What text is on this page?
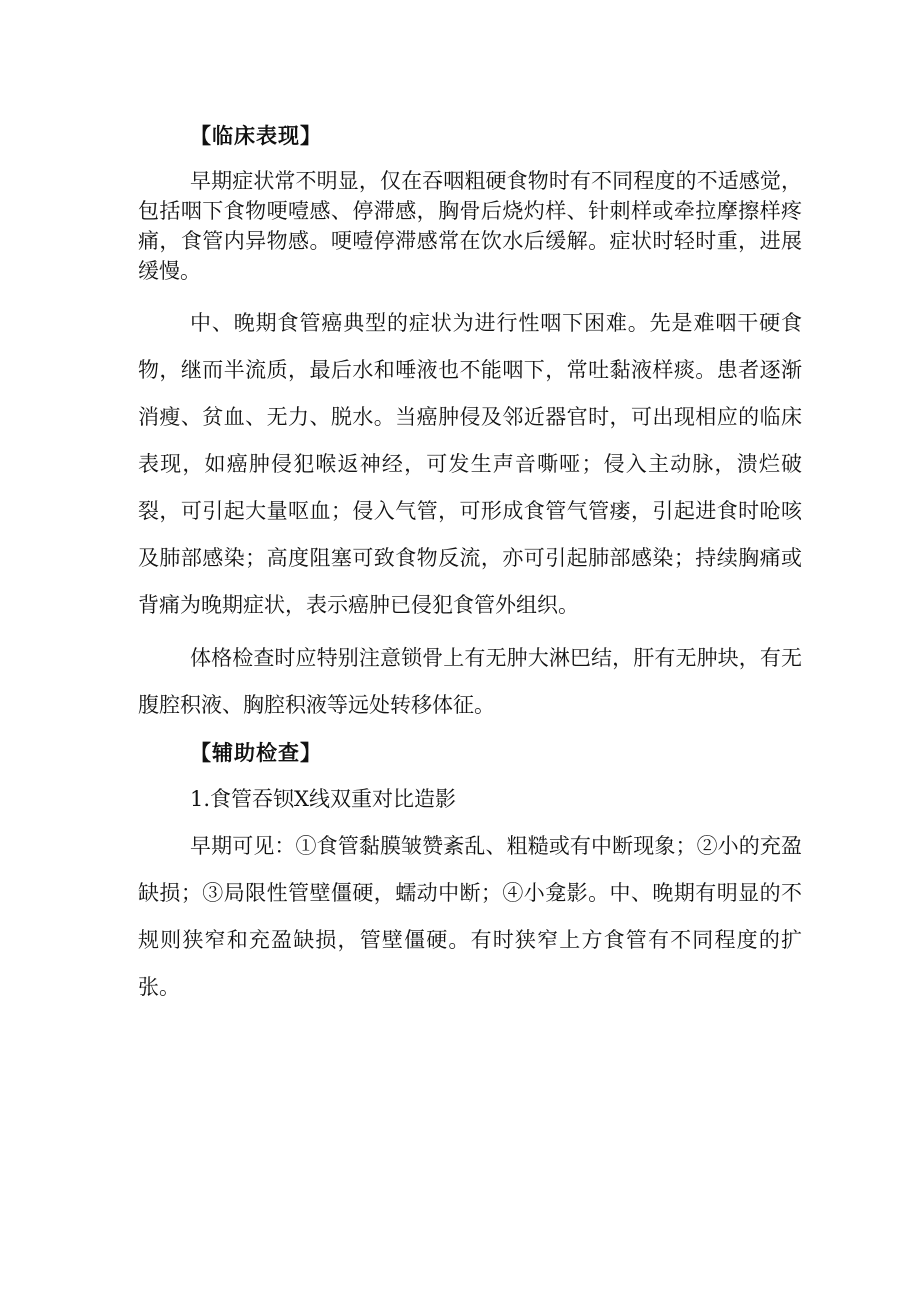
【临床表现】

早期症状常不明显，仅在吞咽粗硬食物时有不同程度的不适感觉，包括咽下食物哽噎感、停滞感，胸骨后烧灼样、针刺样或牵拉摩擦样疼痛，食管内异物感。哽噎停滞感常在饮水后缓解。症状时轻时重，进展缓慢。

中、晚期食管癌典型的症状为进行性咽下困难。先是难咽干硬食物，继而半流质，最后水和唾液也不能咽下，常吐黏液样痰。患者逐渐消瘦、贫血、无力、脱水。当癌肿侵及邻近器官时，可出现相应的临床表现，如癌肿侵犯喉返神经，可发生声音嘶哑；侵入主动脉，溃烂破裂，可引起大量呕血；侵入气管，可形成食管气管瘘，引起进食时呛咳及肺部感染；高度阻塞可致食物反流，亦可引起肺部感染；持续胸痛或背痛为晚期症状，表示癌肿已侵犯食管外组织。

体格检查时应特别注意锁骨上有无肿大淋巴结，肝有无肿块，有无腹腔积液、胸腔积液等远处转移体征。

【辅助检查】

1.食管吞钡X线双重对比造影

早期可见：①食管黏膜皱赞紊乱、粗糙或有中断现象；②小的充盈缺损；③局限性管壁僵硬，蠕动中断；④小龛影。中、晚期有明显的不规则狭窄和充盈缺损，管壁僵硬。有时狭窄上方食管有不同程度的扩张。
